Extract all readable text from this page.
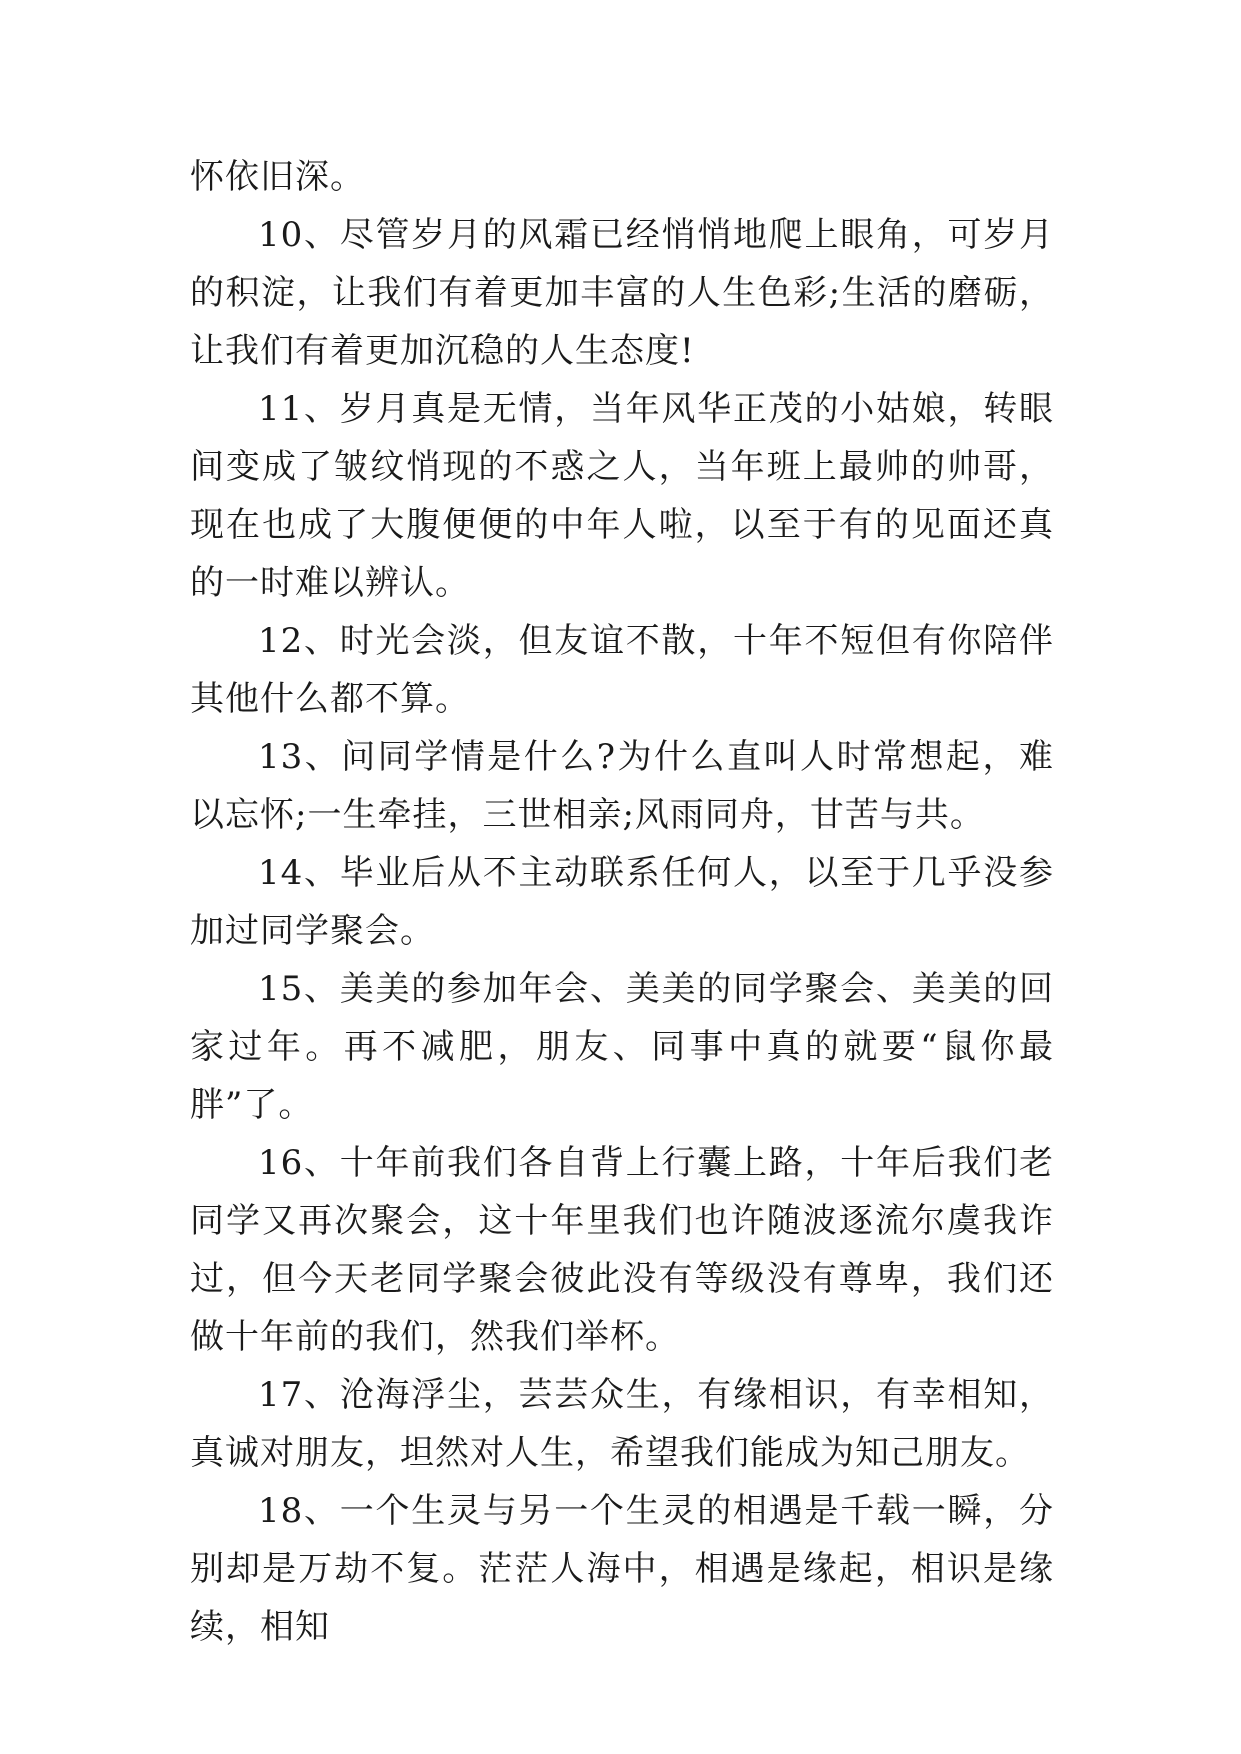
怀依旧深。

10、尽管岁月的风霜已经悄悄地爬上眼角，可岁月的积淀，让我们有着更加丰富的人生色彩;生活的磨砺，让我们有着更加沉稳的人生态度!

11、岁月真是无情，当年风华正茂的小姑娘，转眼间变成了皱纹悄现的不惑之人，当年班上最帅的帅哥，现在也成了大腹便便的中年人啦，以至于有的见面还真的一时难以辨认。

12、时光会淡，但友谊不散，十年不短但有你陪伴其他什么都不算。

13、问同学情是什么?为什么直叫人时常想起，难以忘怀;一生牵挂，三世相亲;风雨同舟，甘苦与共。

14、毕业后从不主动联系任何人，以至于几乎没参加过同学聚会。

15、美美的参加年会、美美的同学聚会、美美的回家过年。再不减肥，朋友、同事中真的就要“鼠你最胖”了。

16、十年前我们各自背上行囊上路，十年后我们老同学又再次聚会，这十年里我们也许随波逐流尔虞我诈过，但今天老同学聚会彼此没有等级没有尊卑，我们还做十年前的我们，然我们举杯。

17、沧海浮尘，芸芸众生，有缘相识，有幸相知，真诚对朋友，坦然对人生，希望我们能成为知己朋友。

18、一个生灵与另一个生灵的相遇是千载一瞬，分别却是万劫不复。茫茫人海中，相遇是缘起，相识是缘续，相知
